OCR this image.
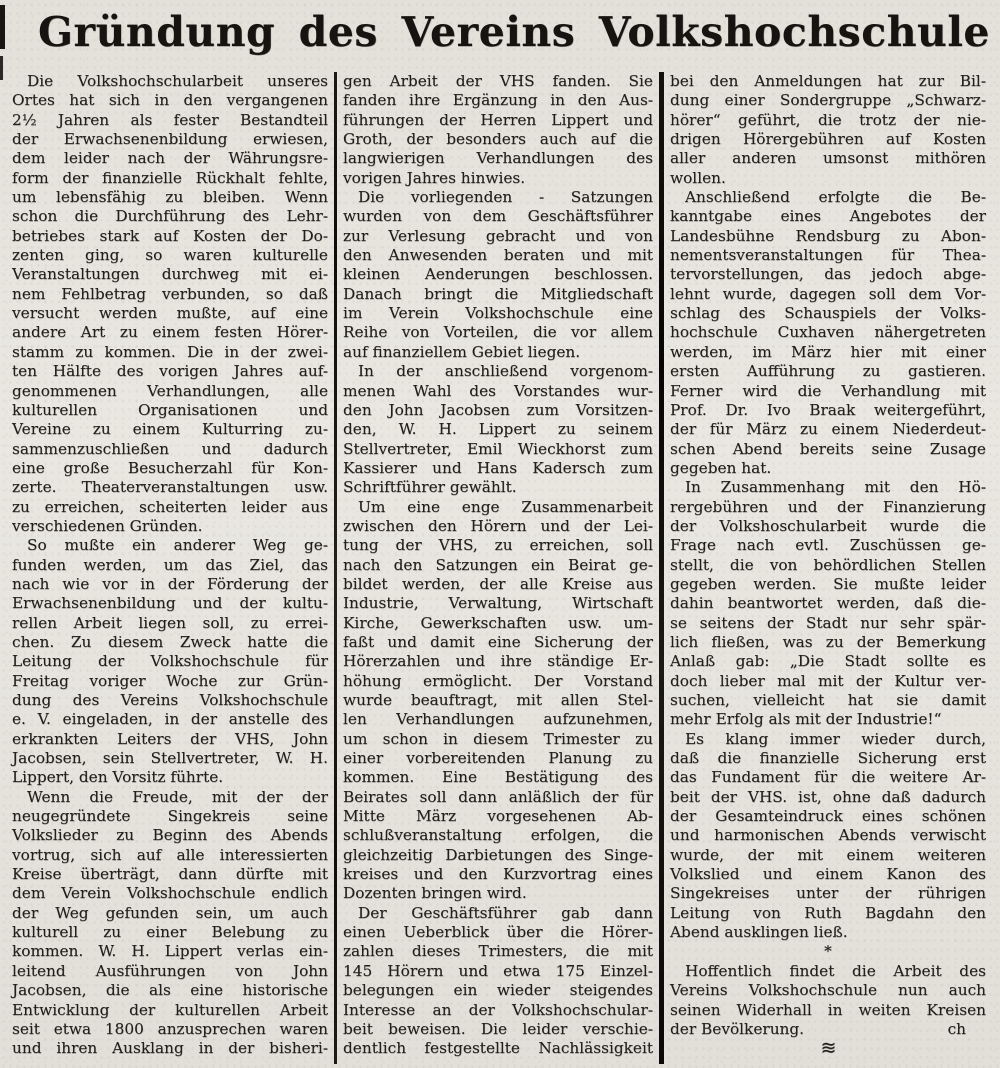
Gründung des Vereins Volkshochschule
Die Volkshochschularbeit unseres
Ortes hat sich in den vergangenen
2½ Jahren als fester Bestandteil
der Erwachsenenbildung erwiesen,
dem leider nach der Währungsre-
form der finanzielle Rückhalt fehlte,
um lebensfähig zu bleiben. Wenn
schon die Durchführung des Lehr-
betriebes stark auf Kosten der Do-
zenten ging, so waren kulturelle
Veranstaltungen durchweg mit ei-
nem Fehlbetrag verbunden, so daß
versucht werden mußte, auf eine
andere Art zu einem festen Hörer-
stamm zu kommen. Die in der zwei-
ten Hälfte des vorigen Jahres auf-
genommenen Verhandlungen, alle
kulturellen Organisationen und
Vereine zu einem Kulturring zu-
sammenzuschließen und dadurch
eine große Besucherzahl für Kon-
zerte. Theaterveranstaltungen usw.
zu erreichen, scheiterten leider aus
verschiedenen Gründen.
So mußte ein anderer Weg ge-
funden werden, um das Ziel, das
nach wie vor in der Förderung der
Erwachsenenbildung und der kultu-
rellen Arbeit liegen soll, zu errei-
chen. Zu diesem Zweck hatte die
Leitung der Volkshochschule für
Freitag voriger Woche zur Grün-
dung des Vereins Volkshochschule
e. V. eingeladen, in der anstelle des
erkrankten Leiters der VHS, John
Jacobsen, sein Stellvertreter, W. H.
Lippert, den Vorsitz führte.
Wenn die Freude, mit der der
neugegründete Singekreis seine
Volkslieder zu Beginn des Abends
vortrug, sich auf alle interessierten
Kreise überträgt, dann dürfte mit
dem Verein Volkshochschule endlich
der Weg gefunden sein, um auch
kulturell zu einer Belebung zu
kommen. W. H. Lippert verlas ein-
leitend Ausführungen von John
Jacobsen, die als eine historische
Entwicklung der kulturellen Arbeit
seit etwa 1800 anzusprechen waren
und ihren Ausklang in der bisheri-
gen Arbeit der VHS fanden. Sie
fanden ihre Ergänzung in den Aus-
führungen der Herren Lippert und
Groth, der besonders auch auf die
langwierigen Verhandlungen des
vorigen Jahres hinwies.
Die vorliegenden - Satzungen
wurden von dem Geschäftsführer
zur Verlesung gebracht und von
den Anwesenden beraten und mit
kleinen Aenderungen beschlossen.
Danach bringt die Mitgliedschaft
im Verein Volkshochschule eine
Reihe von Vorteilen, die vor allem
auf finanziellem Gebiet liegen.
In der anschließend vorgenom-
menen Wahl des Vorstandes wur-
den John Jacobsen zum Vorsitzen-
den, W. H. Lippert zu seinem
Stellvertreter, Emil Wieckhorst zum
Kassierer und Hans Kadersch zum
Schriftführer gewählt.
Um eine enge Zusammenarbeit
zwischen den Hörern und der Lei-
tung der VHS, zu erreichen, soll
nach den Satzungen ein Beirat ge-
bildet werden, der alle Kreise aus
Industrie, Verwaltung, Wirtschaft
Kirche, Gewerkschaften usw. um-
faßt und damit eine Sicherung der
Hörerzahlen und ihre ständige Er-
höhung ermöglicht. Der Vorstand
wurde beauftragt, mit allen Stel-
len Verhandlungen aufzunehmen,
um schon in diesem Trimester zu
einer vorbereitenden Planung zu
kommen. Eine Bestätigung des
Beirates soll dann anläßlich der für
Mitte März vorgesehenen Ab-
schlußveranstaltung erfolgen, die
gleichzeitig Darbietungen des Singe-
kreises und den Kurzvortrag eines
Dozenten bringen wird.
Der Geschäftsführer gab dann
einen Ueberblick über die Hörer-
zahlen dieses Trimesters, die mit
145 Hörern und etwa 175 Einzel-
belegungen ein wieder steigendes
Interesse an der Volkshochschular-
beit beweisen. Die leider verschie-
dentlich festgestellte Nachlässigkeit
bei den Anmeldungen hat zur Bil-
dung einer Sondergruppe „Schwarz-
hörer“ geführt, die trotz der nie-
drigen Hörergebühren auf Kosten
aller anderen umsonst mithören
wollen.
Anschließend erfolgte die Be-
kanntgabe eines Angebotes der
Landesbühne Rendsburg zu Abon-
nementsveranstaltungen für Thea-
tervorstellungen, das jedoch abge-
lehnt wurde, dagegen soll dem Vor-
schlag des Schauspiels der Volks-
hochschule Cuxhaven nähergetreten
werden, im März hier mit einer
ersten Aufführung zu gastieren.
Ferner wird die Verhandlung mit
Prof. Dr. Ivo Braak weitergeführt,
der für März zu einem Niederdeut-
schen Abend bereits seine Zusage
gegeben hat.
In Zusammenhang mit den Hö-
rergebühren und der Finanzierung
der Volkshoschularbeit wurde die
Frage nach evtl. Zuschüssen ge-
stellt, die von behördlichen Stellen
gegeben werden. Sie mußte leider
dahin beantwortet werden, daß die-
se seitens der Stadt nur sehr spär-
lich fließen, was zu der Bemerkung
Anlaß gab: „Die Stadt sollte es
doch lieber mal mit der Kultur ver-
suchen, vielleicht hat sie damit
mehr Erfolg als mit der Industrie!“
Es klang immer wieder durch,
daß die finanzielle Sicherung erst
das Fundament für die weitere Ar-
beit der VHS. ist, ohne daß dadurch
der Gesamteindruck eines schönen
und harmonischen Abends verwischt
wurde, der mit einem weiteren
Volkslied und einem Kanon des
Singekreises unter der rührigen
Leitung von Ruth Bagdahn den
Abend ausklingen ließ.
*
Hoffentlich findet die Arbeit des
Vereins Volkshochschule nun auch
seinen Widerhall in weiten Kreisen
der Bevölkerung.	ch
≋
